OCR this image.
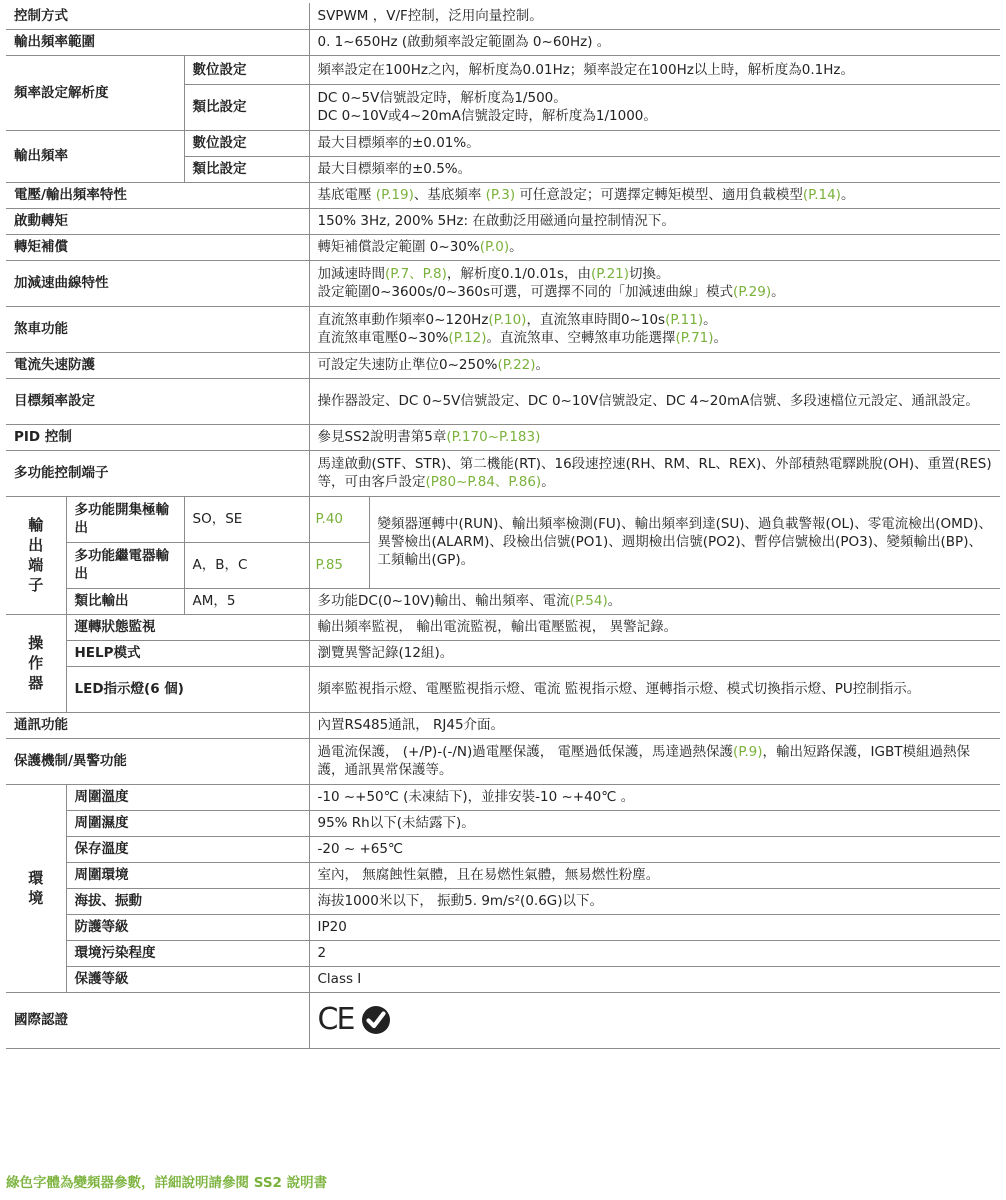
控制方式			SVPWM ，V/F控制，泛用向量控制。	
輸出頻率範圍			0. 1~650Hz (啟動頻率設定範圍為 0~60Hz) 。	
頻率設定解析度		數位設定	頻率設定在100Hz之內，解析度為0.01Hz；頻率設定在100Hz以上時，解析度為0.1Hz。	
		類比設定	DC 0~5V信號設定時，解析度為1/500。
DC 0~10V或4~20mA信號設定時，解析度為1/1000。	

輸出頻率		數位設定	最大目標頻率的±0.01%。	
		類比設定	最大目標頻率的±0.5%。	
電壓/輸出頻率特性			基底電壓 (P.19)、基底頻率 (P.3) 可任意設定；可選擇定轉矩模型、適用負載模型(P.14)。	
啟動轉矩			150% 3Hz, 200% 5Hz: 在啟動泛用磁通向量控制情況下。	
轉矩補償			轉矩補償設定範圍 0~30%(P.0)。	
加減速曲線特性			加減速時間(P.7、P.8)，解析度0.1/0.01s，由(P.21)切換。
設定範圍0~3600s/0~360s可選，可選擇不同的「加減速曲線」模式(P.29)。	

煞車功能			直流煞車動作頻率0~120Hz(P.10)，直流煞車時間0~10s(P.11)。
直流煞車電壓0~30%(P.12)。直流煞車、空轉煞車功能選擇(P.71)。	

電流失速防護			可設定失速防止準位0~250%(P.22)。	
目標頻率設定			操作器設定、DC 0~5V信號設定、DC 0~10V信號設定、DC 4~20mA信號、多段速檔位元設定、通訊設定。	
PID 控制			參見SS2說明書第5章(P.170~P.183)	
多功能控制端子			馬達啟動(STF、STR)、第二機能(RT)、16段速控速(RH、RM、RL、REX)、外部積熱電驛跳脫(OH)、重置(RES)等，可由客戶設定(P80~P.84、P.86)。	

輸出端子	多功能開集極輸出	SO，SE	P.40	變頻器運轉中(RUN)、輸出頻率檢測(FU)、輸出頻率到達(SU)、過負載警報(OL)、零電流檢出(OMD)、異警檢出(ALARM)、段檢出信號(PO1)、週期檢出信號(PO2)、暫停信號檢出(PO3)、變頻輸出(BP)、工頻輸出(GP)。
	多功能繼電器輸出	A，B，C	P.85	
	類比輸出	AM，5	多功能DC(0~10V)輸出、輸出頻率、電流(P.54)。	

操作器	運轉狀態監視		輸出頻率監視， 輸出電流監視，輸出電壓監視， 異警記錄。	
	HELP模式		瀏覽異警記錄(12組)。	
	LED指示燈(6 個)		頻率監視指示燈、電壓監視指示燈、電流 監視指示燈、運轉指示燈、模式切換指示燈、PU控制指示。	
通訊功能			內置RS485通訊， RJ45介面。	
保護機制/異警功能			過電流保護， (+/P)-(-/N)過電壓保護， 電壓過低保護，馬達過熱保護(P.9)，輸出短路保護，IGBT模組過熱保護，通訊異常保護等。	

環境	周圍溫度		-10 ~+50℃ (未凍結下)，並排安裝-10 ~+40℃ 。	
	周圍濕度		95% Rh以下(未結露下)。	
	保存溫度		-20 ~ +65℃	
	周圍環境		室內， 無腐蝕性氣體，且在易燃性氣體，無易燃性粉塵。	
	海拔、振動		海拔1000米以下， 振動5. 9m/s²(0.6G)以下。	
	防護等級		IP20	
	環境污染程度		2	
	保護等級		Class I	
國際認證			CE	
綠色字體為變頻器參數，詳細說明請參閱 SS2 說明書
